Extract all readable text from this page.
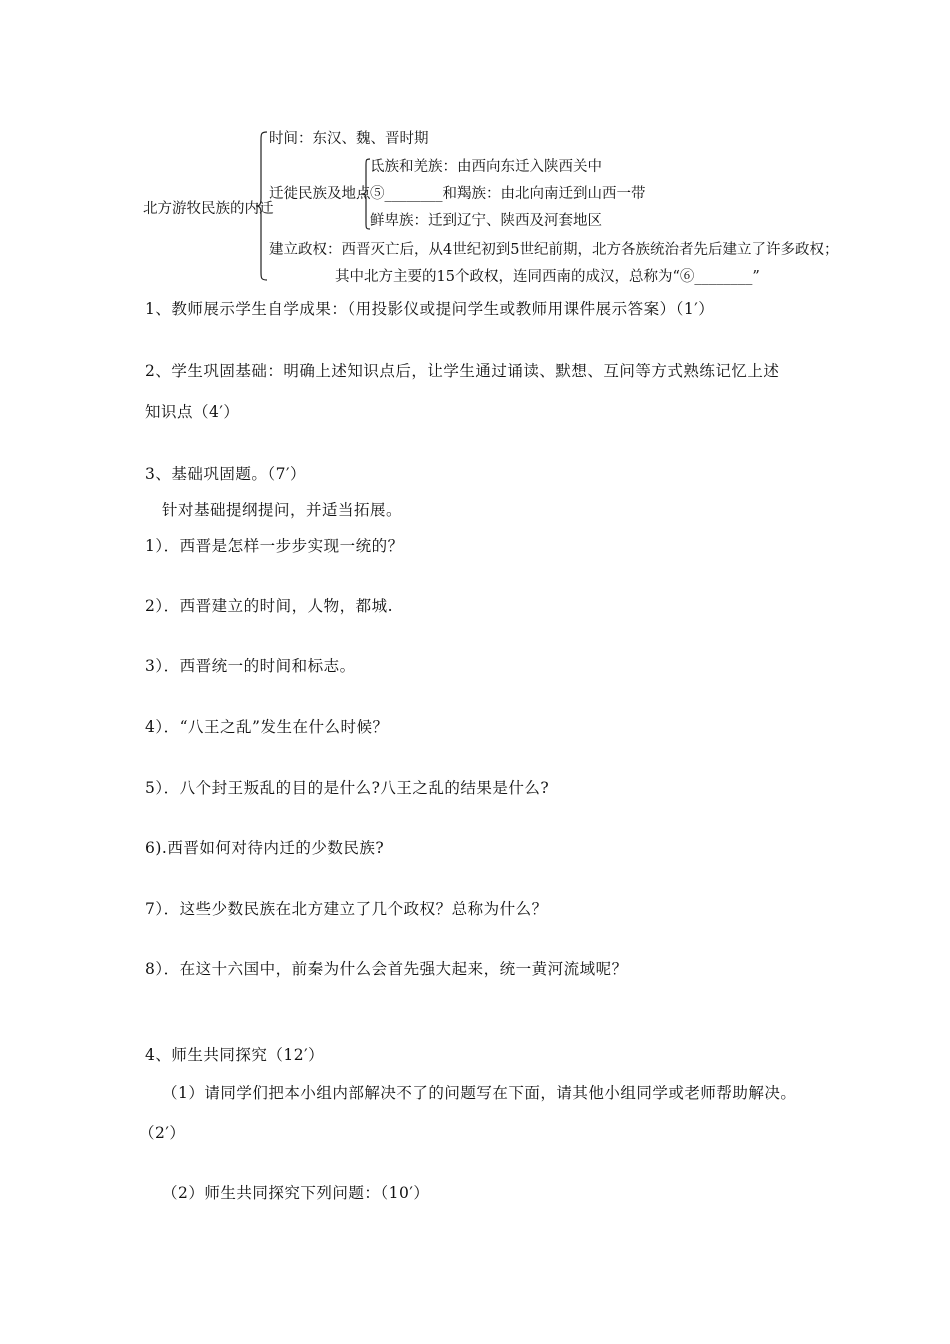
北方游牧民族的内迁
时间：东汉、魏、晋时期
迁徙民族及地点
氐族和羌族：由西向东迁入陕西关中
⑤________和羯族：由北向南迁到山西一带
鲜卑族：迁到辽宁、陕西及河套地区
建立政权：西晋灭亡后，从4世纪初到5世纪前期，北方各族统治者先后建立了许多政权；
其中北方主要的15个政权，连同西南的成汉，总称为“⑥________”
1、教师展示学生自学成果：（用投影仪或提问学生或教师用课件展示答案）（1′）
2、学生巩固基础：明确上述知识点后，让学生通过诵读、默想、互问等方式熟练记忆上述
知识点（4′）
3、基础巩固题。（7′）
针对基础提纲提问，并适当拓展。
1）．西晋是怎样一步步实现一统的？
2）．西晋建立的时间，人物，都城.
3）．西晋统一的时间和标志。
4）．“八王之乱”发生在什么时候？
5）．八个封王叛乱的目的是什么?八王之乱的结果是什么?
6).西晋如何对待内迁的少数民族?
7）．这些少数民族在北方建立了几个政权？总称为什么？
8）．在这十六国中，前秦为什么会首先强大起来，统一黄河流域呢？
4、师生共同探究（12′）
（1）请同学们把本小组内部解决不了的问题写在下面，请其他小组同学或老师帮助解决。
（2′）
（2）师生共同探究下列问题：（10′）
